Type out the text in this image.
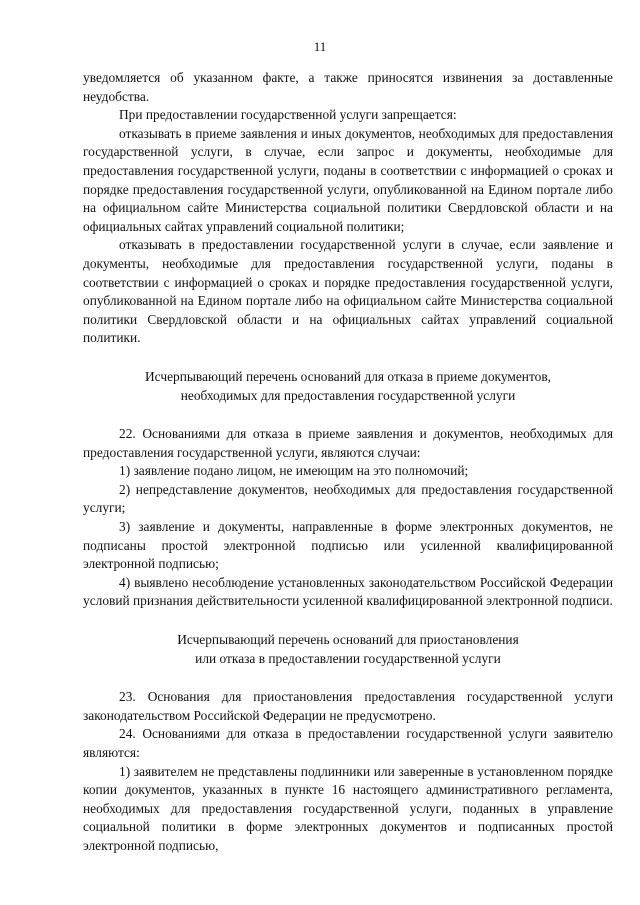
11

уведомляется об указанном факте, а также приносятся извинения за доставленные неудобства.

При предоставлении государственной услуги запрещается:

отказывать в приеме заявления и иных документов, необходимых для предоставления государственной услуги, в случае, если запрос и документы, необходимые для предоставления государственной услуги, поданы в соответствии с информацией о сроках и порядке предоставления государственной услуги, опубликованной на Едином портале либо на официальном сайте Министерства социальной политики Свердловской области и на официальных сайтах управлений социальной политики;

отказывать в предоставлении государственной услуги в случае, если заявление и документы, необходимые для предоставления государственной услуги, поданы в соответствии с информацией о сроках и порядке предоставления государственной услуги, опубликованной на Едином портале либо на официальном сайте Министерства социальной политики Свердловской области и на официальных сайтах управлений социальной политики.

Исчерпывающий перечень оснований для отказа в приеме документов,

необходимых для предоставления государственной услуги

22. Основаниями для отказа в приеме заявления и документов, необходимых для предоставления государственной услуги, являются случаи:

1) заявление подано лицом, не имеющим на это полномочий;

2) непредставление документов, необходимых для предоставления государственной услуги;

3) заявление и документы, направленные в форме электронных документов, не подписаны простой электронной подписью или усиленной квалифицированной электронной подписью;

4) выявлено несоблюдение установленных законодательством Российской Федерации условий признания действительности усиленной квалифицированной электронной подписи.

Исчерпывающий перечень оснований для приостановления

или отказа в предоставлении государственной услуги

23. Основания для приостановления предоставления государственной услуги законодательством Российской Федерации не предусмотрено.

24. Основаниями для отказа в предоставлении государственной услуги заявителю являются:

1) заявителем не представлены подлинники или заверенные в установленном порядке копии документов, указанных в пункте 16 настоящего административного регламента, необходимых для предоставления государственной услуги, поданных в управление социальной политики в форме электронных документов и подписанных простой электронной подписью,
